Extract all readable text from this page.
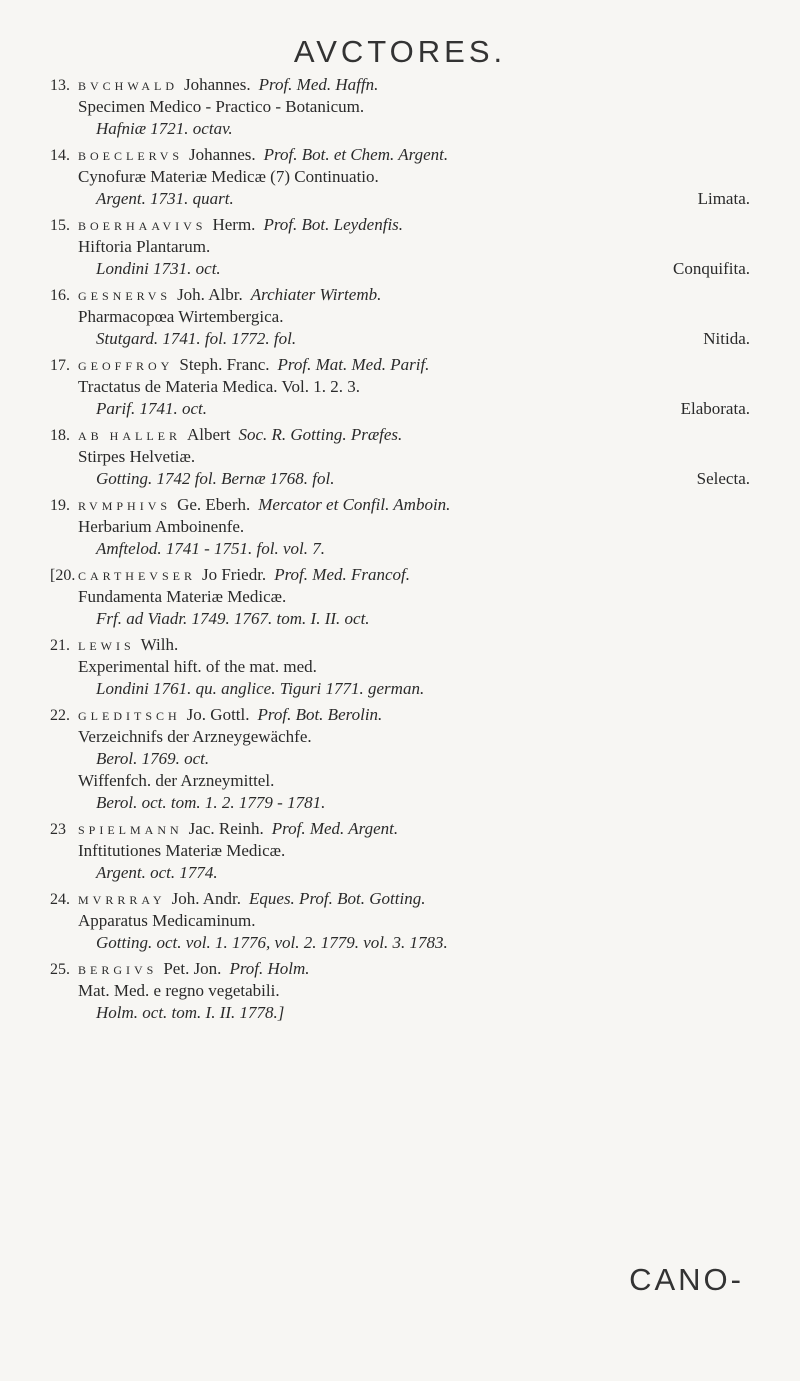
AVCTORES.
13. BVCHWALD Johannes. Prof. Med. Haffn.
Specimen Medico - Practico - Botanicum.
Hafniæ 1721. octav.
14. BOECLERVS Johannes. Prof. Bot. et Chem. Argent.
Cynofuræ Materiæ Medicæ (7) Continuatio.
Argent. 1731. quart.	Limata.
15. BOERHAAVIVS Herm. Prof. Bot. Leydenfis.
Hiftoria Plantarum.
Londini 1731. oct.	Conquifita.
16. GESNERVS Joh. Albr. Archiater Wirtemb.
Pharmacopœa Wirtembergica.
Stutgard. 1741. fol. 1772. fol.	Nitida.
17. GEOFFROY Steph. Franc. Prof. Mat. Med. Parif.
Tractatus de Materia Medica. Vol. 1. 2. 3.
Parif. 1741. oct.	Elaborata.
18. AB HALLER Albert Soc. R. Gotting. Præfes.
Stirpes Helvetiæ.
Gotting. 1742 fol. Bernæ 1768. fol.	Selecta.
19. RVMPHIVS Ge. Eberh. Mercator et Confil. Amboin.
Herbarium Amboinenfe.
Amftelod. 1741 - 1751. fol. vol. 7.
[20. CARTHEVSER Jo Friedr. Prof. Med. Francof.
Fundamenta Materiæ Medicæ.
Frf. ad Viadr. 1749. 1767. tom. I. II. oct.
21. LEWIS Wilh.
Experimental hift. of the mat. med.
Londini 1761. qu. anglice. Tiguri 1771. german.
22. GLEDITSCH Jo. Gottl. Prof. Bot. Berolin.
Verzeichnifs der Arzneygewächfe.
Berol. 1769. oct.
Wiffenfch. der Arzneymittel.
Berol. oct. tom. 1. 2. 1779 - 1781.
23 SPIELMANN Jac. Reinh. Prof. Med. Argent.
Inftitutiones Materiæ Medicæ.
Argent. oct. 1774.
24. MVRRRAY Joh. Andr. Eques. Prof. Bot. Gotting.
Apparatus Medicaminum.
Gotting. oct. vol. 1. 1776, vol. 2. 1779. vol. 3. 1783.
25. BERGIVS Pet. Jon. Prof. Holm.
Mat. Med. e regno vegetabili.
Holm. oct. tom. I. II. 1778.]
CANO-
